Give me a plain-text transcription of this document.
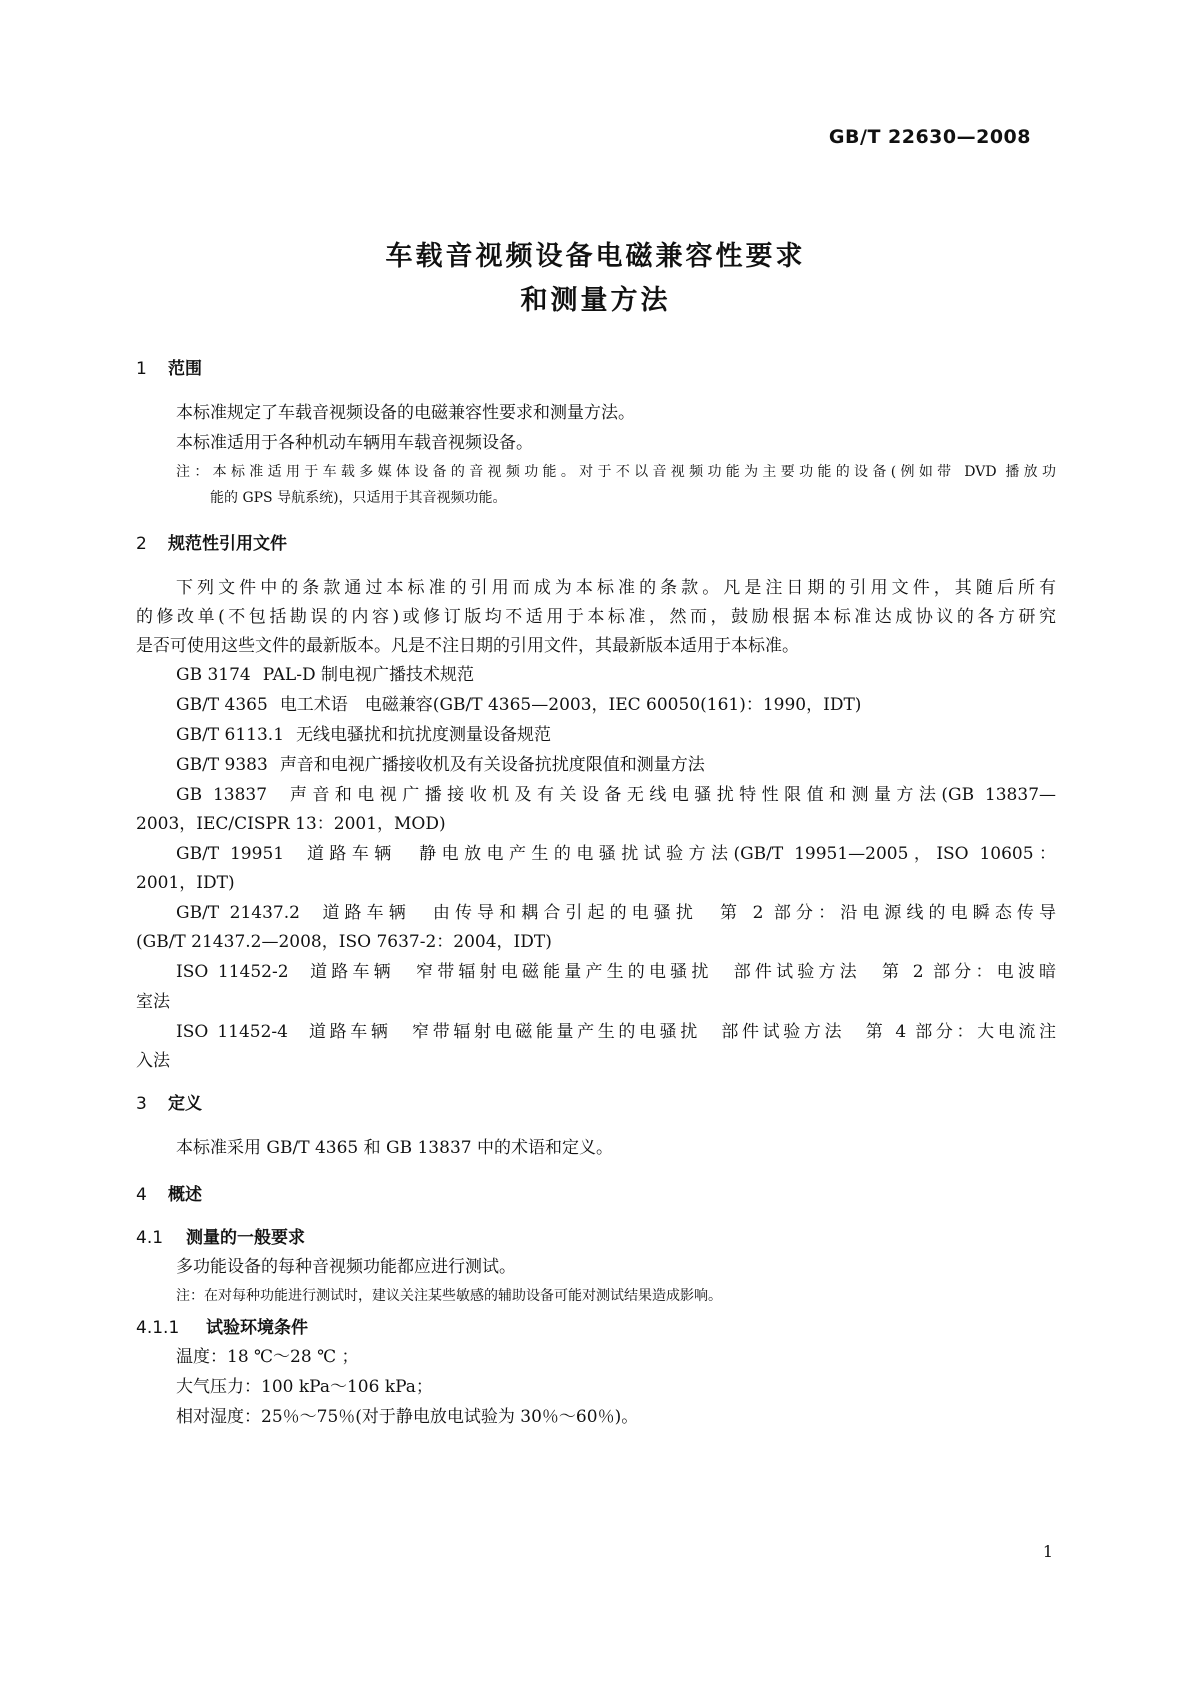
GB/T 22630—2008
车载音视频设备电磁兼容性要求
和测量方法
1 范围
本标准规定了车载音视频设备的电磁兼容性要求和测量方法。
本标准适用于各种机动车辆用车载音视频设备。
注：本标准适用于车载多媒体设备的音视频功能。对于不以音视频功能为主要功能的设备(例如带 DVD 播放功
能的 GPS 导航系统)，只适用于其音视频功能。
2 规范性引用文件
下列文件中的条款通过本标准的引用而成为本标准的条款。凡是注日期的引用文件，其随后所有
的修改单(不包括勘误的内容)或修订版均不适用于本标准，然而，鼓励根据本标准达成协议的各方研究
是否可使用这些文件的最新版本。凡是不注日期的引用文件，其最新版本适用于本标准。
GB 3174 PAL-D 制电视广播技术规范
GB/T 4365 电工术语　电磁兼容(GB/T 4365—2003，IEC 60050(161)：1990，IDT)
GB/T 6113.1 无线电骚扰和抗扰度测量设备规范
GB/T 9383 声音和电视广播接收机及有关设备抗扰度限值和测量方法
GB 13837 声音和电视广播接收机及有关设备无线电骚扰特性限值和测量方法(GB 13837—
2003，IEC/CISPR 13：2001，MOD)
GB/T 19951 道路车辆　静电放电产生的电骚扰试验方法(GB/T 19951—2005，ISO 10605：
2001，IDT)
GB/T 21437.2 道路车辆　由传导和耦合引起的电骚扰　第 2 部分：沿电源线的电瞬态传导
(GB/T 21437.2—2008，ISO 7637-2：2004，IDT)
ISO 11452-2 道路车辆　窄带辐射电磁能量产生的电骚扰　部件试验方法　第 2 部分：电波暗
室法
ISO 11452-4 道路车辆　窄带辐射电磁能量产生的电骚扰　部件试验方法　第 4 部分：大电流注
入法
3 定义
本标准采用 GB/T 4365 和 GB 13837 中的术语和定义。
4 概述
4.1 测量的一般要求
多功能设备的每种音视频功能都应进行测试。
注：在对每种功能进行测试时，建议关注某些敏感的辅助设备可能对测试结果造成影响。
4.1.1 试验环境条件
温度：18 ℃～28 ℃ ；
大气压力：100 kPa～106 kPa；
相对湿度：25％～75％(对于静电放电试验为 30％～60％)。
1
